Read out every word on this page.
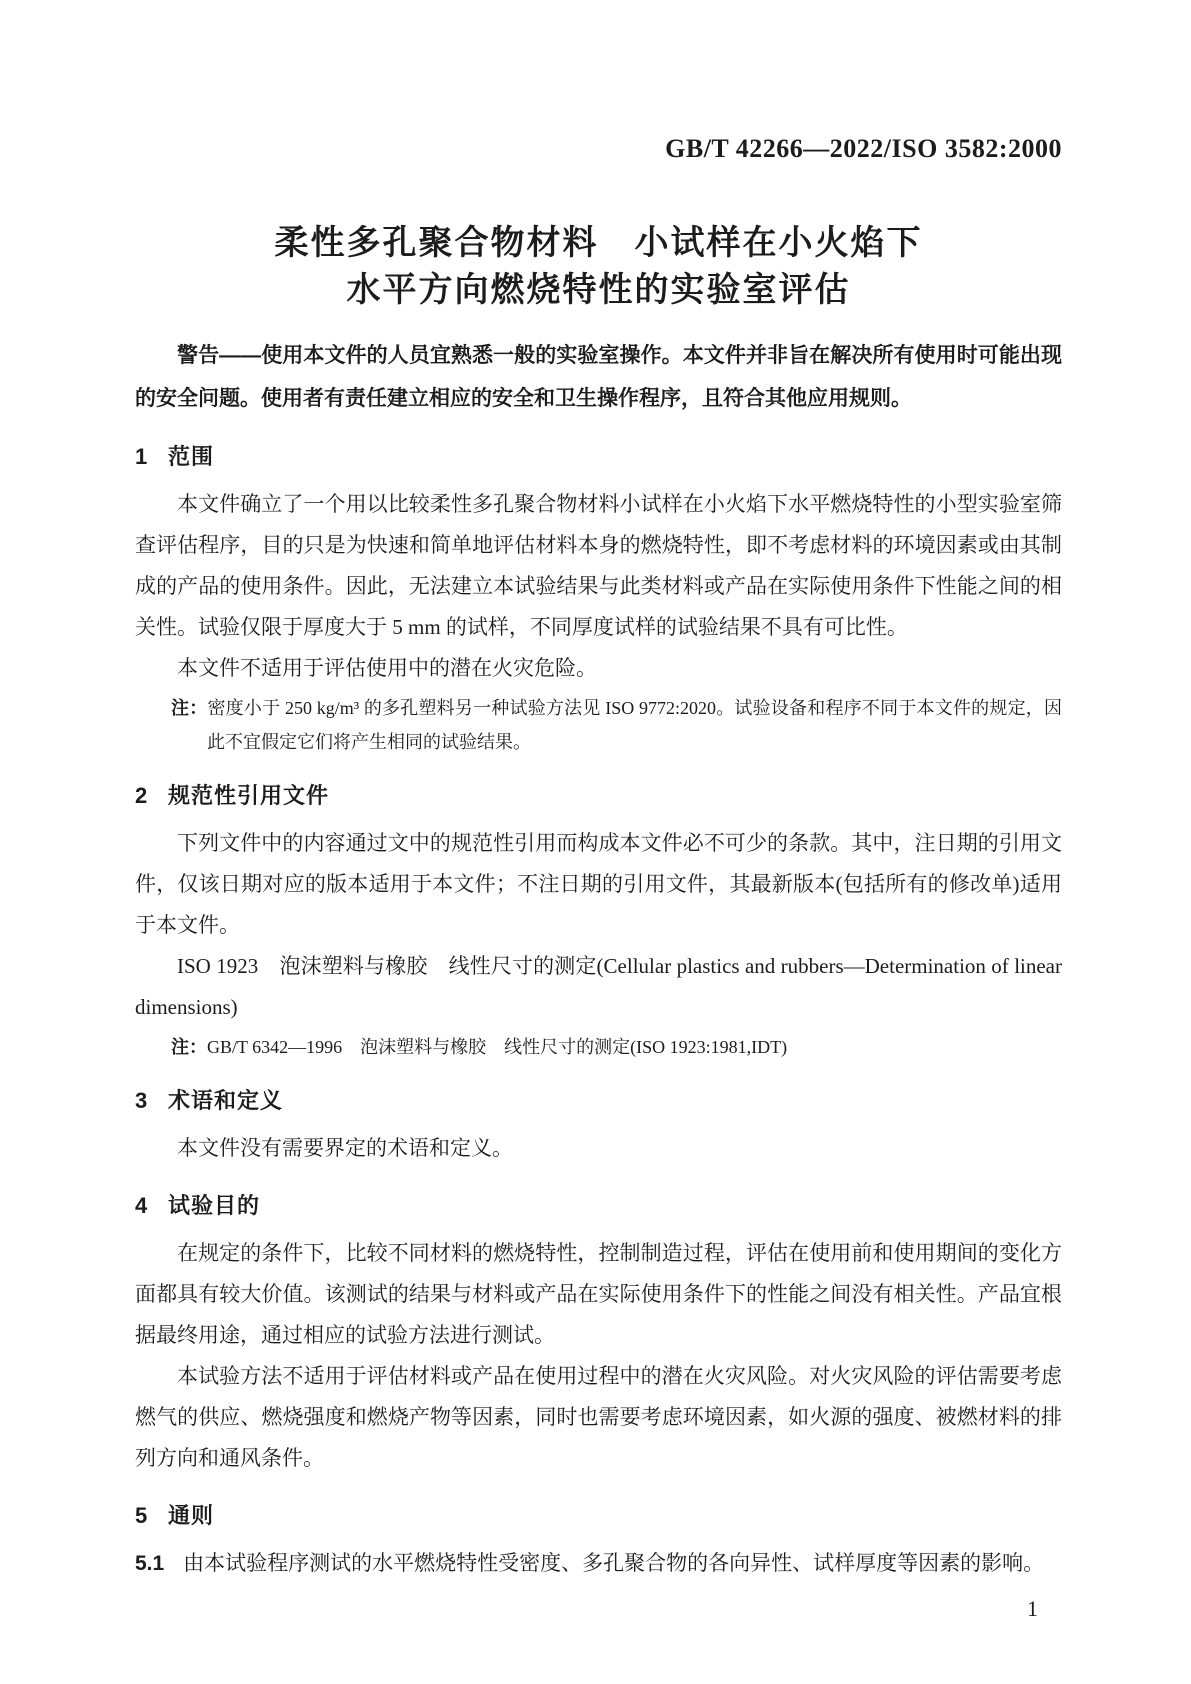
GB/T 42266—2022/ISO 3582:2000
柔性多孔聚合物材料　小试样在小火焰下
水平方向燃烧特性的实验室评估

警告——使用本文件的人员宜熟悉一般的实验室操作。本文件并非旨在解决所有使用时可能出现的安全问题。使用者有责任建立相应的安全和卫生操作程序，且符合其他应用规则。

1 范围

本文件确立了一个用以比较柔性多孔聚合物材料小试样在小火焰下水平燃烧特性的小型实验室筛查评估程序，目的只是为快速和简单地评估材料本身的燃烧特性，即不考虑材料的环境因素或由其制成的产品的使用条件。因此，无法建立本试验结果与此类材料或产品在实际使用条件下性能之间的相关性。试验仅限于厚度大于 5 mm 的试样，不同厚度试样的试验结果不具有可比性。

本文件不适用于评估使用中的潜在火灾危险。

注：密度小于 250 kg/m³ 的多孔塑料另一种试验方法见 ISO 9772:2020。试验设备和程序不同于本文件的规定，因此不宜假定它们将产生相同的试验结果。

2 规范性引用文件

下列文件中的内容通过文中的规范性引用而构成本文件必不可少的条款。其中，注日期的引用文件，仅该日期对应的版本适用于本文件；不注日期的引用文件，其最新版本(包括所有的修改单)适用于本文件。

ISO 1923　泡沫塑料与橡胶　线性尺寸的测定(Cellular plastics and rubbers—Determination of linear dimensions)

注：GB/T 6342—1996　泡沫塑料与橡胶　线性尺寸的测定(ISO 1923:1981,IDT)

3 术语和定义

本文件没有需要界定的术语和定义。

4 试验目的

在规定的条件下，比较不同材料的燃烧特性，控制制造过程，评估在使用前和使用期间的变化方面都具有较大价值。该测试的结果与材料或产品在实际使用条件下的性能之间没有相关性。产品宜根据最终用途，通过相应的试验方法进行测试。

本试验方法不适用于评估材料或产品在使用过程中的潜在火灾风险。对火灾风险的评估需要考虑燃气的供应、燃烧强度和燃烧产物等因素，同时也需要考虑环境因素，如火源的强度、被燃材料的排列方向和通风条件。

5 通则

5.1 由本试验程序测试的水平燃烧特性受密度、多孔聚合物的各向异性、试样厚度等因素的影响。

1
